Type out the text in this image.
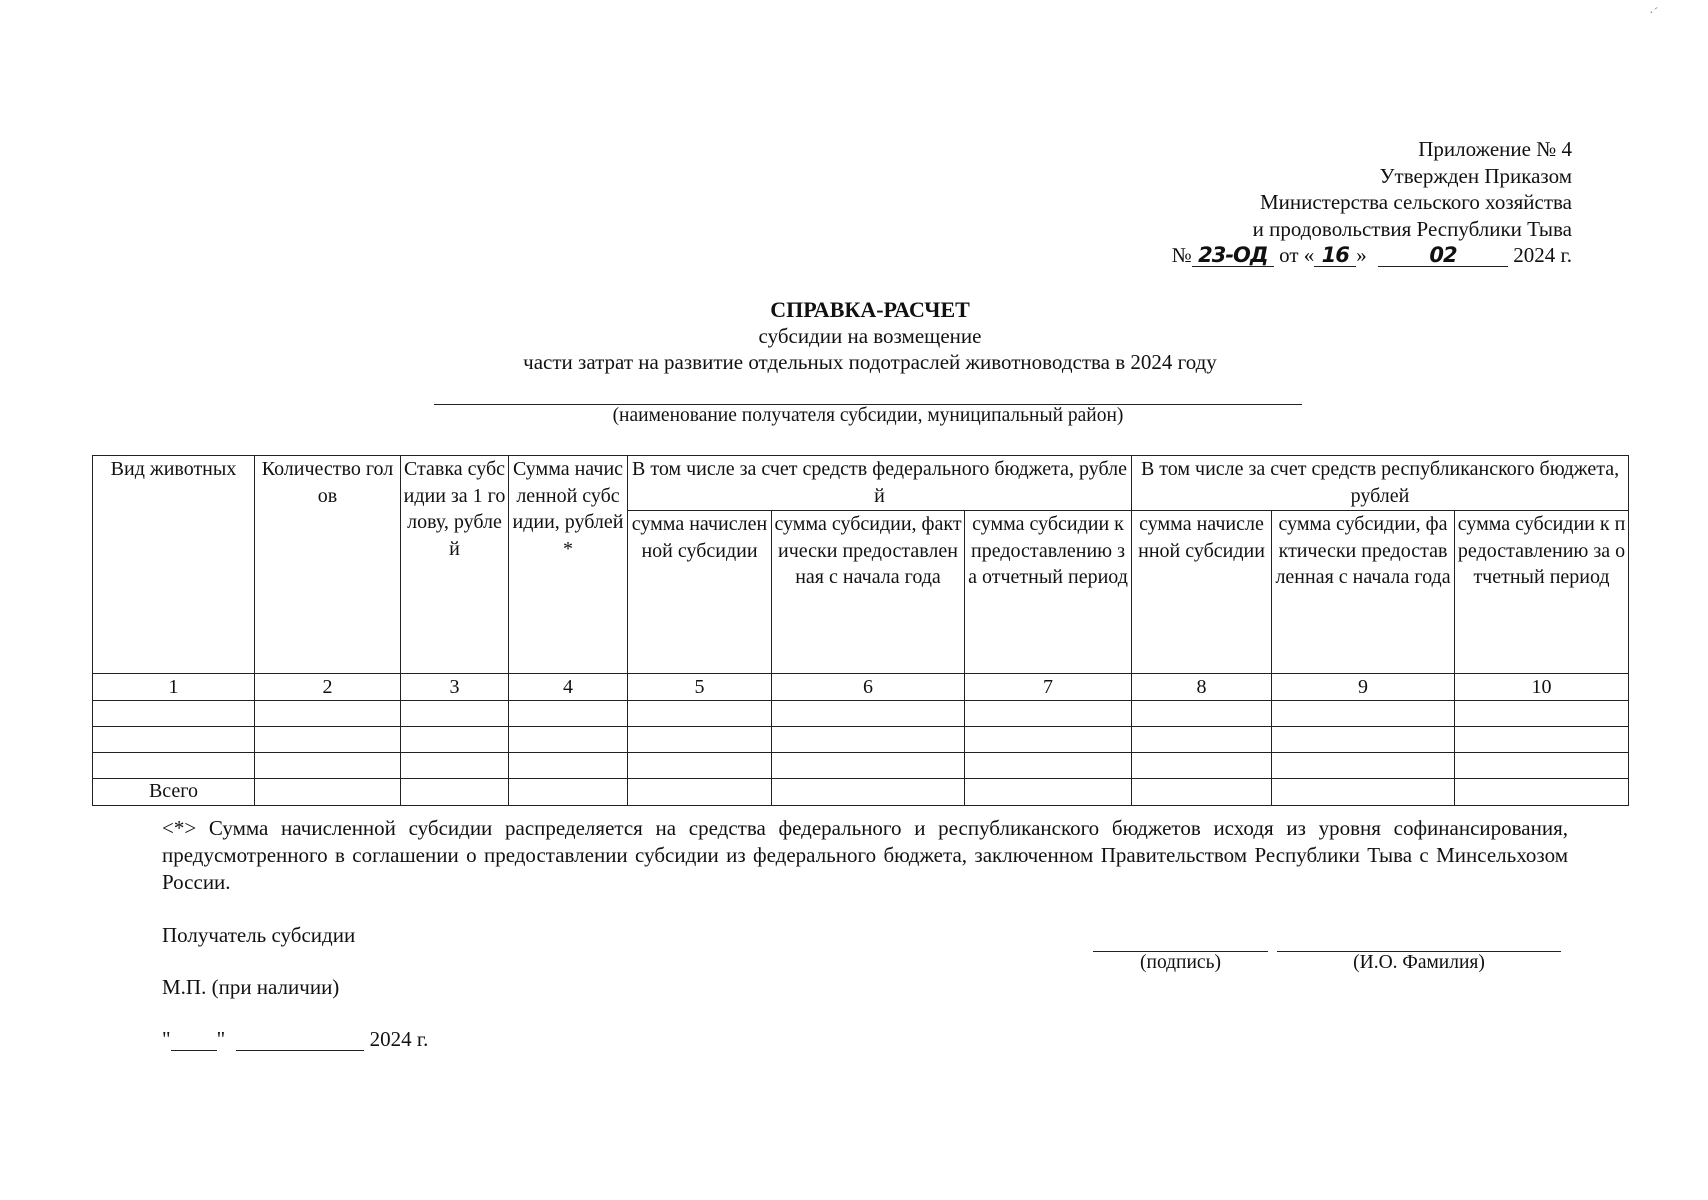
·ˊ
Приложение № 4
Утвержден Приказом
Министерства сельского хозяйства
и продовольствия Республики Тыва
№ 23-ОД от « 16 »	02	2024 г.
СПРАВКА-РАСЧЕТ
субсидии на возмещение
части затрат на развитие отдельных подотраслей животноводства в 2024 году
(наименование получателя субсидии, муниципальный район)
Вид животных	Количество голов	Ставка субсидии за 1 голову, рублей	Сумма начисленной субсидии, рублей *	В том числе за счет средств федерального бюджета, рублей			В том числе за счет средств республиканского бюджета, рублей		
				сумма начисленной субсидии	сумма субсидии, фактически предоставленная с начала года	сумма субсидии к предоставлению за отчетный период	сумма начисленной субсидии	сумма субсидии, фактически предоставленная с начала года	сумма субсидии к предоставлению за отчетный период
1	2	3	4	5	6	7	8	9	10

Всего									
<*> Сумма начисленной субсидии распределяется на средства федерального и республиканского бюджетов исходя из уровня софинансирования, предусмотренного в соглашении о предоставлении субсидии из федерального бюджета, заключенном Правительством Республики Тыва с Минсельхозом России.
Получатель субсидии
(подпись)	(И.О. Фамилия)
М.П. (при наличии)
" "	2024 г.
